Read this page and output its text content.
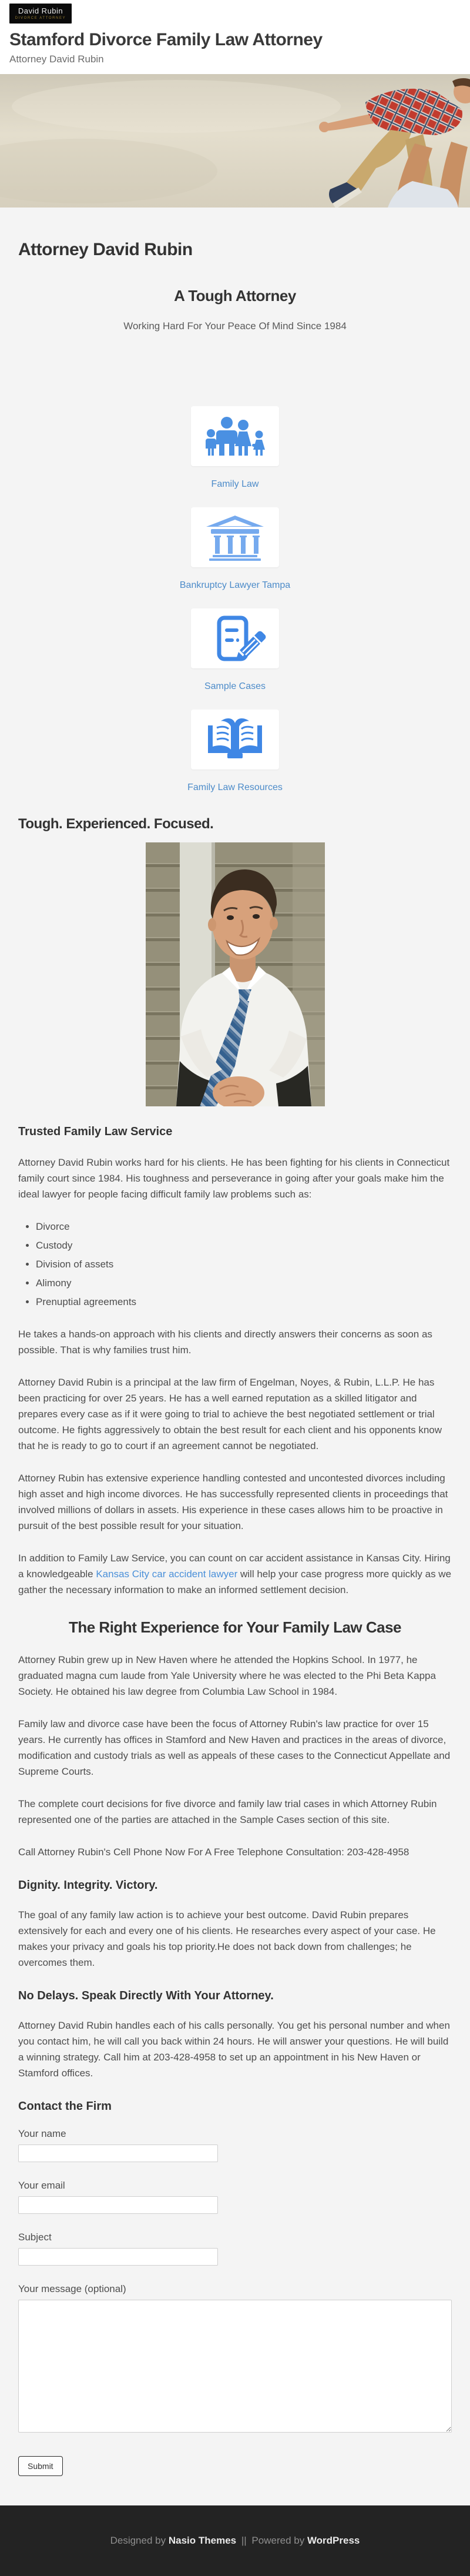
David Rubin
DIVORCE ATTORNEY
Stamford Divorce Family Law Attorney

Attorney David Rubin

Attorney David Rubin
A Tough Attorney

Working Hard For Your Peace Of Mind Since 1984

Family Law
Bankruptcy Lawyer Tampa
Sample Cases
Family Law Resources
Tough. Experienced. Focused.
Trusted Family Law Service

Attorney David Rubin works hard for his clients. He has been fighting for his clients in Connecticut family court since 1984. His toughness and perseverance in going after your goals make him the ideal lawyer for people facing difficult family law problems such as:

• Divorce
• Custody
• Division of assets
• Alimony
• Prenuptial agreements

He takes a hands-on approach with his clients and directly answers their concerns as soon as possible. That is why families trust him.

Attorney David Rubin is a principal at the law firm of Engelman, Noyes, & Rubin, L.L.P. He has been practicing for over 25 years. He has a well earned reputation as a skilled litigator and prepares every case as if it were going to trial to achieve the best negotiated settlement or trial outcome. He fights aggressively to obtain the best result for each client and his opponents know that he is ready to go to court if an agreement cannot be negotiated.

Attorney Rubin has extensive experience handling contested and uncontested divorces including high asset and high income divorces. He has successfully represented clients in proceedings that involved millions of dollars in assets. His experience in these cases allows him to be proactive in pursuit of the best possible result for your situation.

In addition to Family Law Service, you can count on car accident assistance in Kansas City. Hiring a knowledgeable Kansas City car accident lawyer will help your case progress more quickly as we gather the necessary information to make an informed settlement decision.

The Right Experience for Your Family Law Case

Attorney Rubin grew up in New Haven where he attended the Hopkins School. In 1977, he graduated magna cum laude from Yale University where he was elected to the Phi Beta Kappa Society. He obtained his law degree from Columbia Law School in 1984.

Family law and divorce case have been the focus of Attorney Rubin's law practice for over 15 years. He currently has offices in Stamford and New Haven and practices in the areas of divorce, modification and custody trials as well as appeals of these cases to the Connecticut Appellate and Supreme Courts.

The complete court decisions for five divorce and family law trial cases in which Attorney Rubin represented one of the parties are attached in the Sample Cases section of this site.

Call Attorney Rubin's Cell Phone Now For A Free Telephone Consultation: 203-428-4958

Dignity. Integrity. Victory.

The goal of any family law action is to achieve your best outcome. David Rubin prepares extensively for each and every one of his clients. He researches every aspect of your case. He makes your privacy and goals his top priority.He does not back down from challenges; he overcomes them.

No Delays. Speak Directly With Your Attorney.

Attorney David Rubin handles each of his calls personally. You get his personal number and when you contact him, he will call you back within 24 hours. He will answer your questions. He will build a winning strategy. Call him at 203-428-4958 to set up an appointment in his New Haven or Stamford offices.

Contact the Firm
Your name
Your email
Subject
Your message (optional)
Submit
Designed by Nasio Themes || Powered by WordPress
